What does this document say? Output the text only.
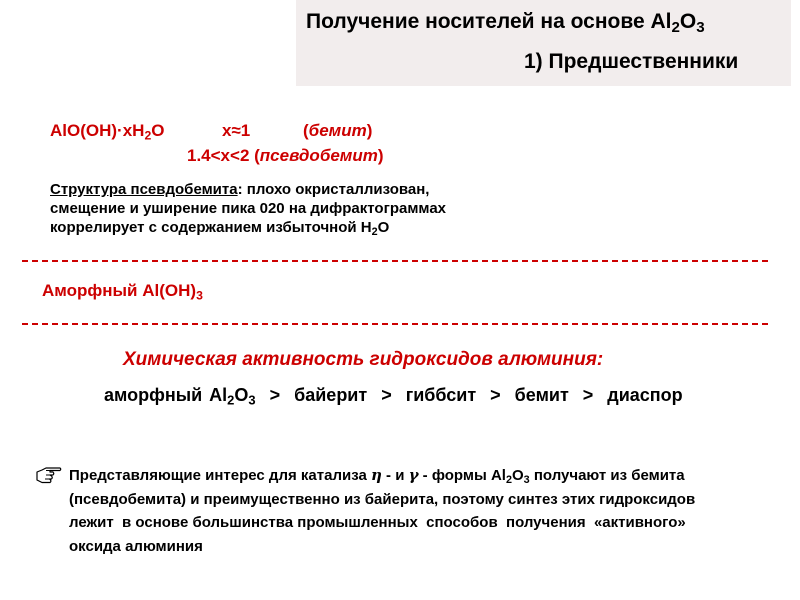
Получение носителей на основе $Al_2O_3$
1) Предшественники
$AlO(OH)\cdot xH_2O$	x≈1	(бемит)
1.4<x<2 (псевдобемит)
Структура псевдобемита: плохо окристаллизован,
смещение и уширение пика 020 на дифрактограммах
коррелирует с содержанием избыточной $H_2O$
Аморфный $Al(OH)_3$
Химическая активность гидроксидов алюминия:
аморфный $Al_2O_3$  >  байерит  >  гиббсит  >  бемит  >  диаспор
Представляющие интерес для катализа η - и γ - формы $Al_2O_3$ получают из бемита
(псевдобемита) и преимущественно из байерита, поэтому синтез этих гидроксидов
лежит  в основе большинства промышленных  способов  получения  «активного»
оксида алюминия
